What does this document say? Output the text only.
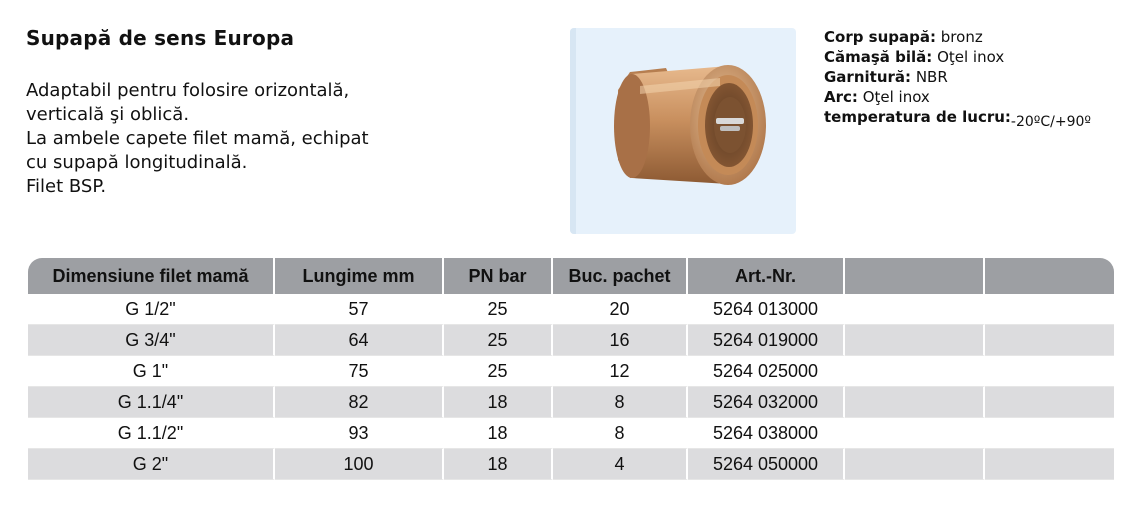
Supapă de sens Europa
Adaptabil pentru folosire orizontală,
verticală şi oblică.
La ambele capete filet mamă, echipat
cu supapă longitudinală.
Filet BSP.
Corp supapă: bronz
Cămaşă bilă: Oţel inox
Garnitură: NBR
Arc: Oţel inox
temperatura de lucru:-20ºC/+90º
Dimensiune filet mamă	Lungime mm	PN bar	Buc. pachet	Art.-Nr.		
G 1/2"	57	25	20	5264 013000		
G 3/4"	64	25	16	5264 019000		
G 1"	75	25	12	5264 025000		
G 1.1/4"	82	18	8	5264 032000		
G 1.1/2"	93	18	8	5264 038000		
G 2"	100	18	4	5264 050000		
